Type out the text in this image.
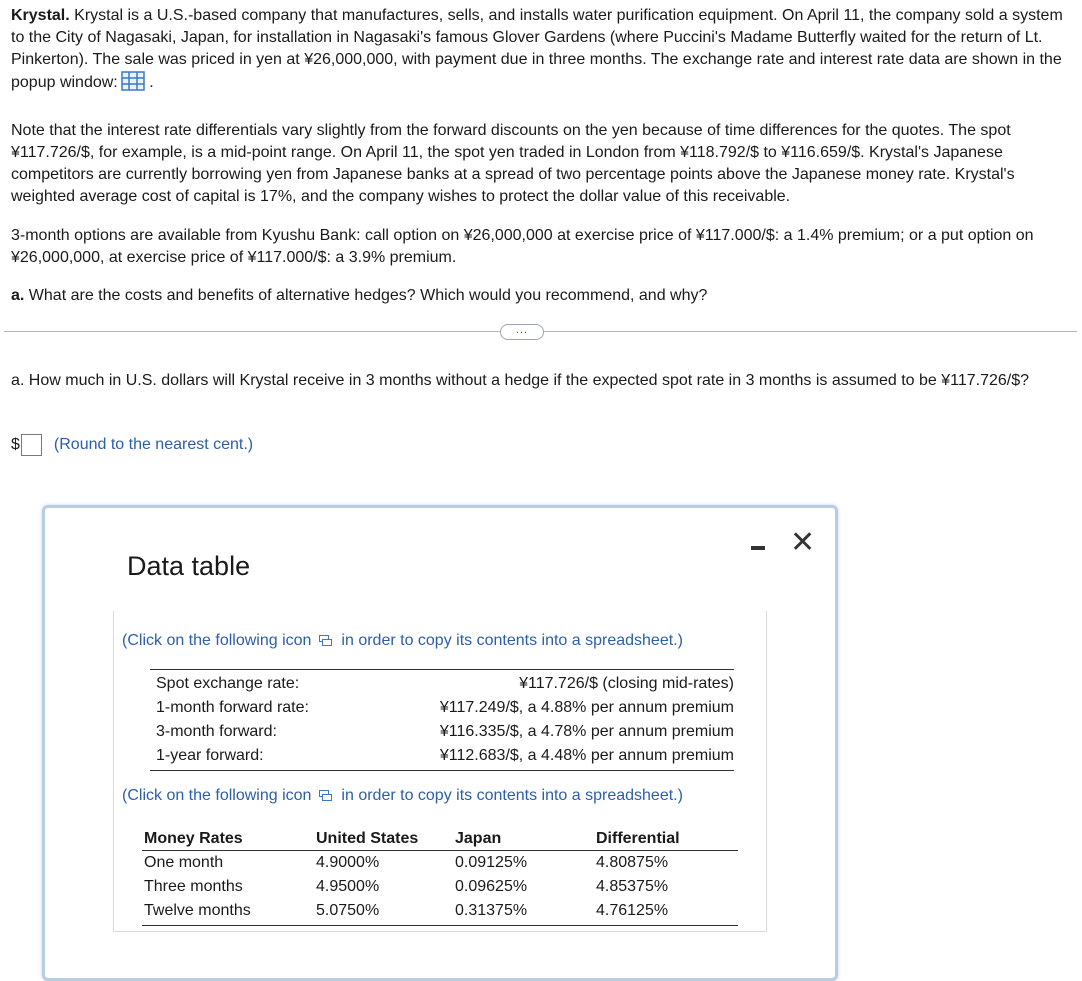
Krystal. Krystal is a U.S.-based company that manufactures, sells, and installs water purification equipment. On April 11, the company sold a system to the City of Nagasaki, Japan, for installation in Nagasaki's famous Glover Gardens (where Puccini's Madame Butterfly waited for the return of Lt. Pinkerton). The sale was priced in yen at ¥26,000,000, with payment due in three months. The exchange rate and interest rate data are shown in the popup window: .

Note that the interest rate differentials vary slightly from the forward discounts on the yen because of time differences for the quotes. The spot ¥117.726/$, for example, is a mid-point range. On April 11, the spot yen traded in London from ¥118.792/$ to ¥116.659/$. Krystal's Japanese competitors are currently borrowing yen from Japanese banks at a spread of two percentage points above the Japanese money rate. Krystal's weighted average cost of capital is 17%, and the company wishes to protect the dollar value of this receivable.

3-month options are available from Kyushu Bank: call option on ¥26,000,000 at exercise price of ¥117.000/$: a 1.4% premium; or a put option on ¥26,000,000, at exercise price of ¥117.000/$: a 3.9% premium.

a. What are the costs and benefits of alternative hedges? Which would you recommend, and why?

...

a. How much in U.S. dollars will Krystal receive in 3 months without a hedge if the expected spot rate in 3 months is assumed to be ¥117.726/$?

$ (Round to the nearest cent.)
Data table
✕
(Click on the following icon in order to copy its contents into a spreadsheet.)
Spot exchange rate:	¥117.726/$ (closing mid-rates)
1-month forward rate:	¥117.249/$, a 4.88% per annum premium
3-month forward:	¥116.335/$, a 4.78% per annum premium
1-year forward:	¥112.683/$, a 4.48% per annum premium
(Click on the following icon in order to copy its contents into a spreadsheet.)
Money Rates	United States	Japan	Differential
One month	4.9000%	0.09125%	4.80875%
Three months	4.9500%	0.09625%	4.85375%
Twelve months	5.0750%	0.31375%	4.76125%
